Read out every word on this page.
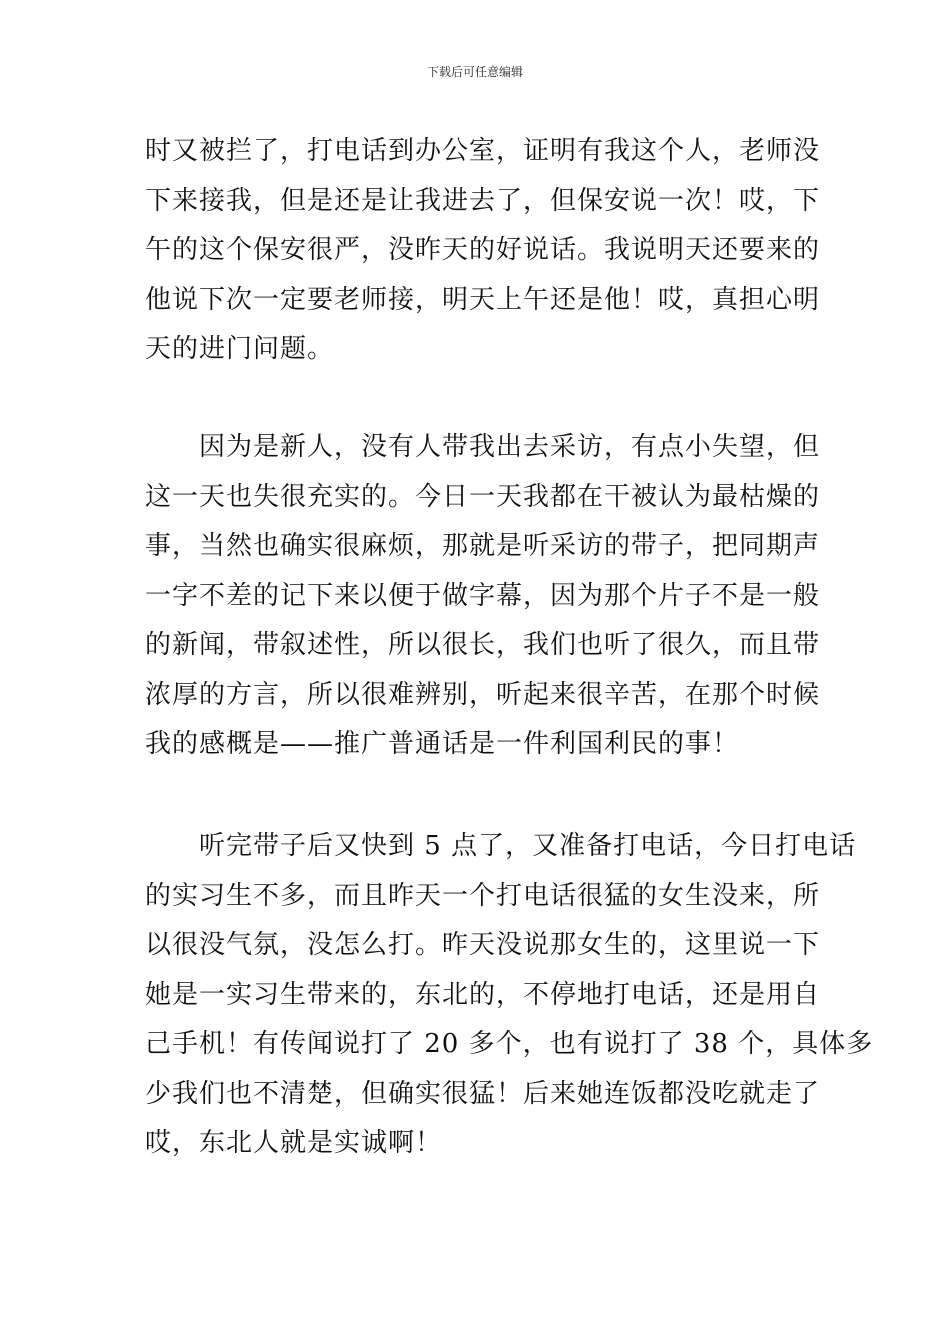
下载后可任意编辑
时又被拦了，打电话到办公室，证明有我这个人，老师没
下来接我，但是还是让我进去了，但保安说一次！哎，下
午的这个保安很严，没昨天的好说话。我说明天还要来的
他说下次一定要老师接，明天上午还是他！哎，真担心明
天的进门问题。
　　因为是新人，没有人带我出去采访，有点小失望，但
这一天也失很充实的。今日一天我都在干被认为最枯燥的
事，当然也确实很麻烦，那就是听采访的带子，把同期声
一字不差的记下来以便于做字幕，因为那个片子不是一般
的新闻，带叙述性，所以很长，我们也听了很久，而且带
浓厚的方言，所以很难辨别，听起来很辛苦，在那个时候
我的感概是——推广普通话是一件利国利民的事！
　　听完带子后又快到 5 点了，又准备打电话，今日打电话
的实习生不多，而且昨天一个打电话很猛的女生没来，所
以很没气氛，没怎么打。昨天没说那女生的，这里说一下
她是一实习生带来的，东北的，不停地打电话，还是用自
己手机！有传闻说打了 20 多个，也有说打了 38 个，具体多
少我们也不清楚，但确实很猛！后来她连饭都没吃就走了
哎，东北人就是实诚啊！
